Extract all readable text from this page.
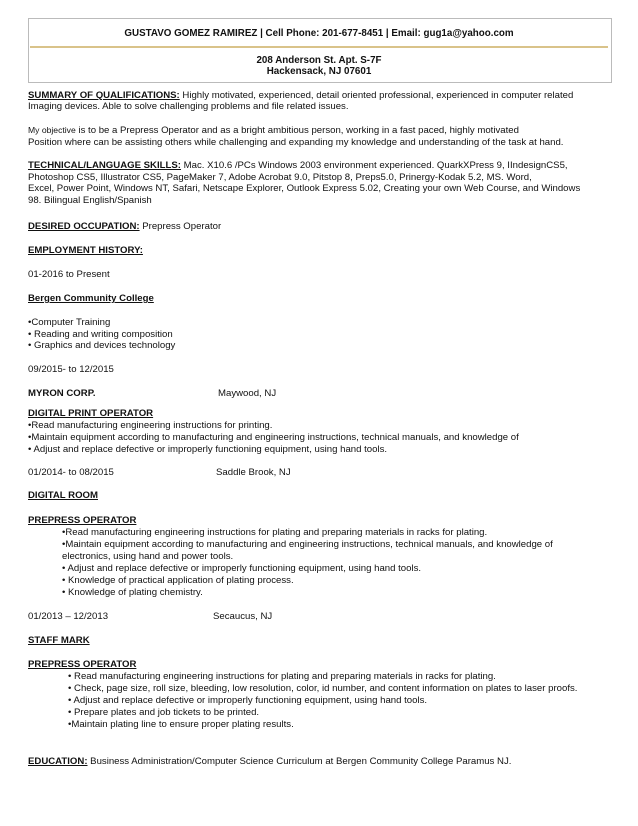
GUSTAVO GOMEZ RAMIREZ | Cell Phone: 201-677-8451 | Email: gug1a@yahoo.com
208 Anderson St. Apt. S-7F
Hackensack, NJ 07601
SUMMARY OF QUALIFICATIONS: Highly motivated, experienced, detail oriented professional, experienced in computer related
Imaging devices. Able to solve challenging problems and file related issues.
My objective is to be a Prepress Operator and as a bright ambitious person, working in a fast paced, highly motivated
Position where can be assisting others while challenging and expanding my knowledge and understanding of the task at hand.
TECHNICAL/LANGUAGE SKILLS: Mac. X10.6 /PCs Windows 2003 environment experienced. QuarkXPress 9, IIndesignCS5,
Photoshop CS5, Illustrator CS5, PageMaker 7, Adobe Acrobat 9.0, Pitstop 8, Preps5.0, Prinergy-Kodak 5.2, MS. Word,
Excel, Power Point, Windows NT, Safari, Netscape Explorer, Outlook Express 5.02, Creating your own Web Course, and Windows
98. Bilingual English/Spanish
DESIRED OCCUPATION: Prepress Operator
EMPLOYMENT HISTORY:
01-2016 to Present
Bergen Community College
•Computer Training
• Reading and writing composition
• Graphics and devices technology
09/2015- to 12/2015
MYRON CORP.	Maywood, NJ
DIGITAL PRINT OPERATOR
•Read manufacturing engineering instructions for printing.
•Maintain equipment according to manufacturing and engineering instructions, technical manuals, and knowledge of
• Adjust and replace defective or improperly functioning equipment, using hand tools.
01/2014- to 08/2015	Saddle Brook, NJ
DIGITAL ROOM
PREPRESS OPERATOR
•Read manufacturing engineering instructions for plating and preparing materials in racks for plating.
•Maintain equipment according to manufacturing and engineering instructions, technical manuals, and knowledge of
electronics, using hand and power tools.
• Adjust and replace defective or improperly functioning equipment, using hand tools.
• Knowledge of practical application of plating process.
• Knowledge of plating chemistry.
01/2013 – 12/2013	Secaucus, NJ
STAFF MARK
PREPRESS OPERATOR
• Read manufacturing engineering instructions for plating and preparing materials in racks for plating.
• Check, page size, roll size, bleeding, low resolution, color, id number, and content information on plates to laser proofs.
• Adjust and replace defective or improperly functioning equipment, using hand tools.
• Prepare plates and job tickets to be printed.
•Maintain plating line to ensure proper plating results.
EDUCATION: Business Administration/Computer Science Curriculum at Bergen Community College Paramus NJ.
